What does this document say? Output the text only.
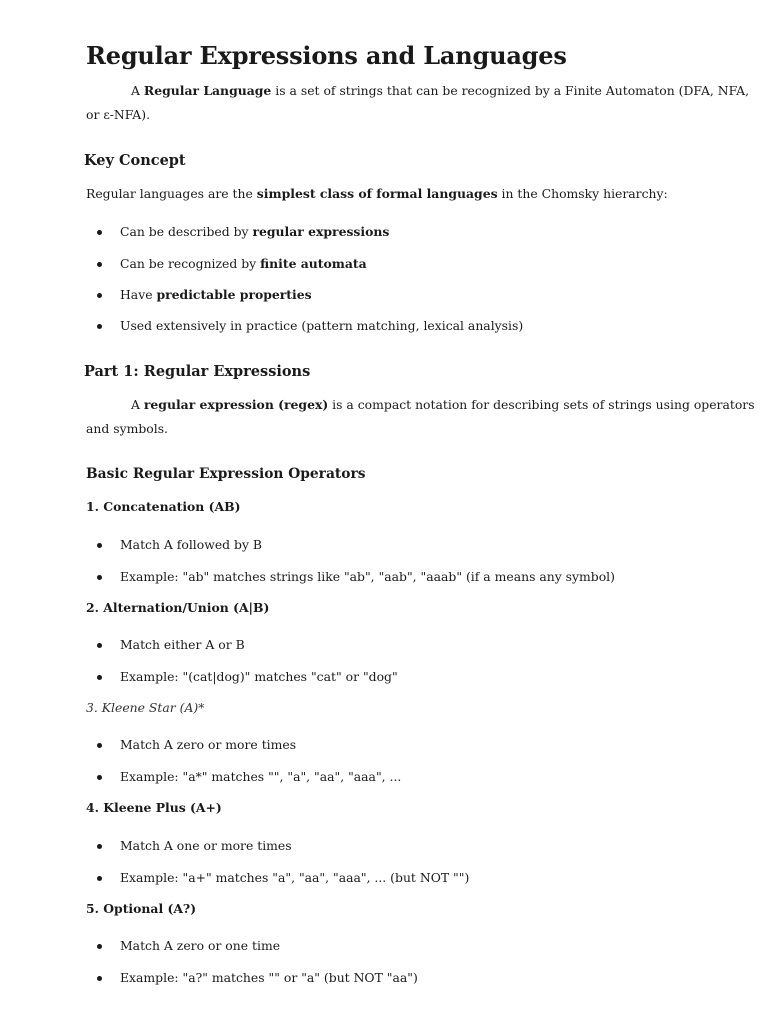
Regular Expressions and Languages
A Regular Language is a set of strings that can be recognized by a Finite Automaton (DFA, NFA,
or ε-NFA).
Key Concept
Regular languages are the simplest class of formal languages in the Chomsky hierarchy:
Can be described by regular expressions
Can be recognized by finite automata
Have predictable properties
Used extensively in practice (pattern matching, lexical analysis)
Part 1: Regular Expressions
A regular expression (regex) is a compact notation for describing sets of strings using operators
and symbols.
Basic Regular Expression Operators
1. Concatenation (AB)
Match A followed by B
Example: "ab" matches strings like "ab", "aab", "aaab" (if a means any symbol)
2. Alternation/Union (A|B)
Match either A or B
Example: "(cat|dog)" matches "cat" or "dog"
3. Kleene Star (A)*
Match A zero or more times
Example: "a*" matches "", "a", "aa", "aaa", ...
4. Kleene Plus (A+)
Match A one or more times
Example: "a+" matches "a", "aa", "aaa", ... (but NOT "")
5. Optional (A?)
Match A zero or one time
Example: "a?" matches "" or "a" (but NOT "aa")
